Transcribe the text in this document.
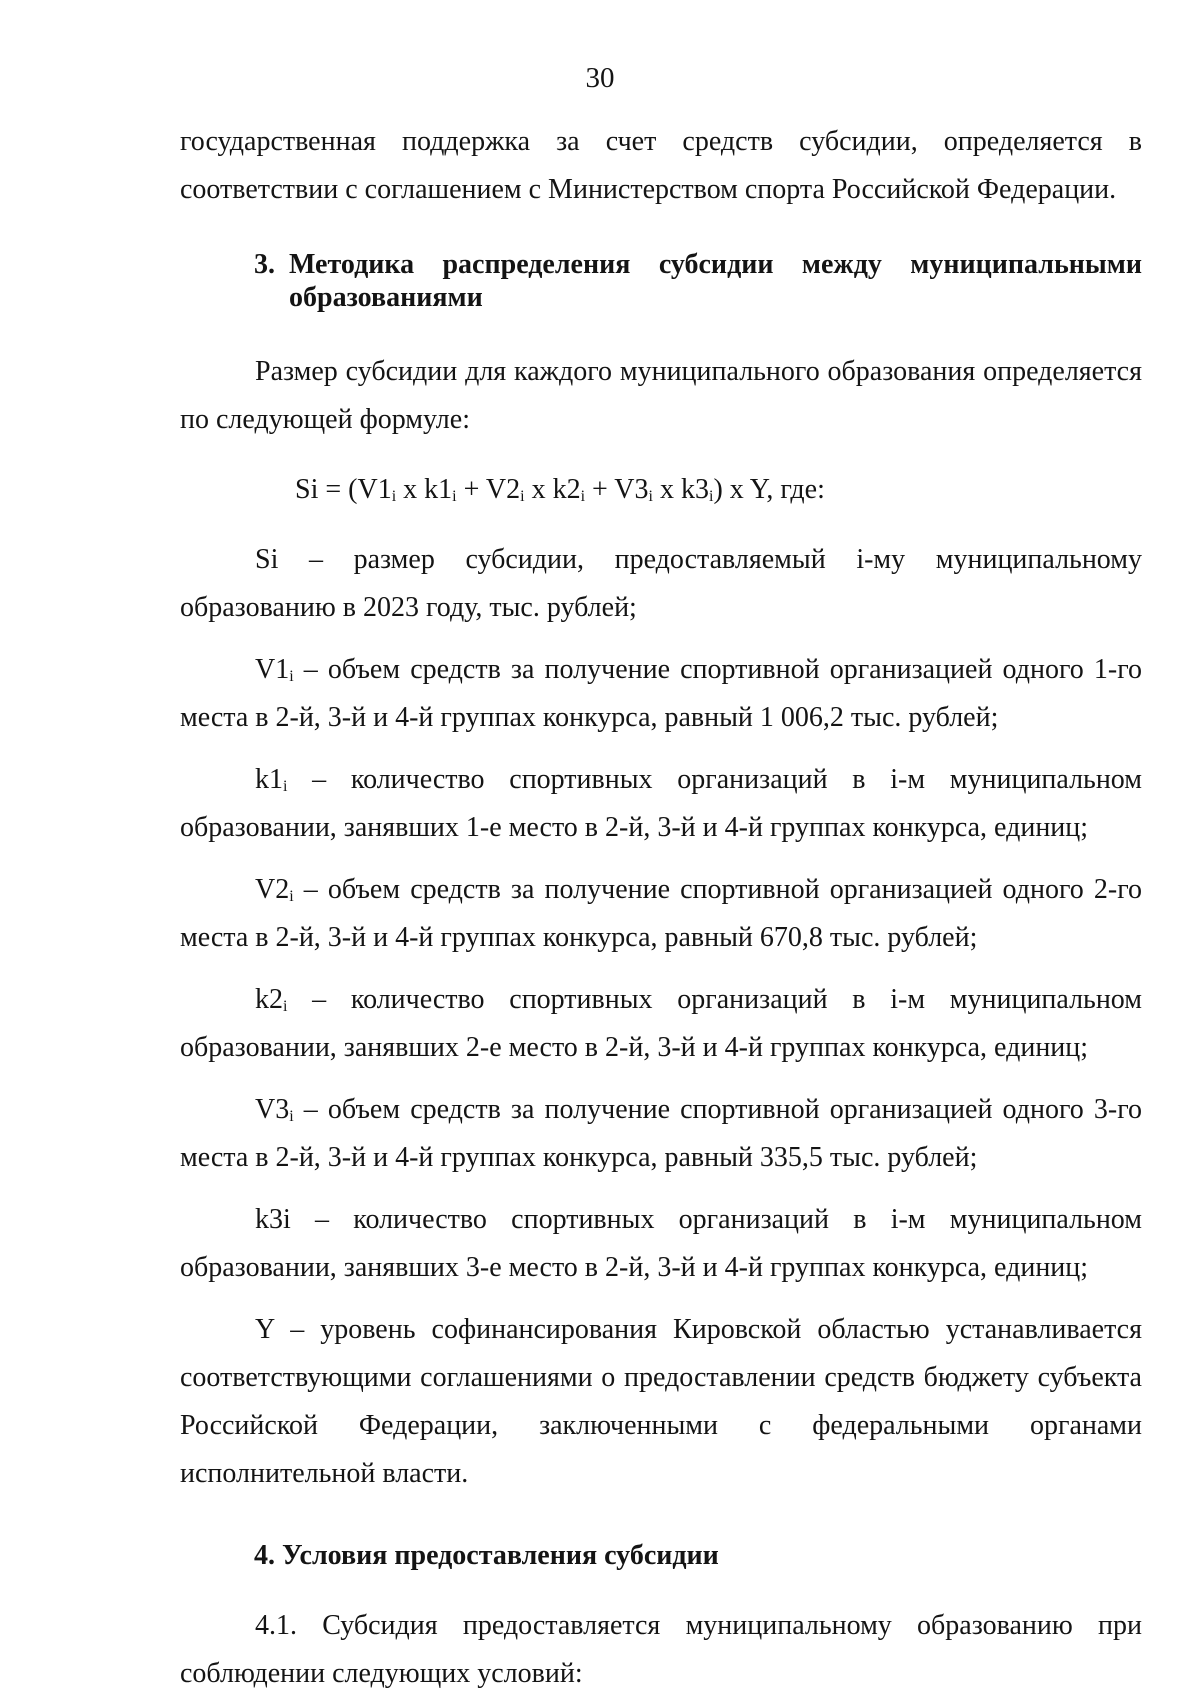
30

государственная поддержка за счет средств субсидии, определяется в соответствии с соглашением с Министерством спорта Российской Федерации.

3. Методика распределения субсидии между муниципальными образованиями

Размер субсидии для каждого муниципального образования определяется по следующей формуле:

$Si = (V1_i$ x $k1_i + V2_i$ x $k2_i + V3_i$ x $k3_i$) x Y, где:

Si – размер субсидии, предоставляемый i-му муниципальному образованию в 2023 году, тыс. рублей;

$V1_i$ – объем средств за получение спортивной организацией одного 1-го места в 2-й, 3-й и 4-й группах конкурса, равный 1 006,2 тыс. рублей;

$k1_i$ – количество спортивных организаций в i-м муниципальном образовании, занявших 1-е место в 2-й, 3-й и 4-й группах конкурса, единиц;

$V2_i$ – объем средств за получение спортивной организацией одного 2-го места в 2-й, 3-й и 4-й группах конкурса, равный 670,8 тыс. рублей;

$k2_i$ – количество спортивных организаций в i-м муниципальном образовании, занявших 2-е место в 2-й, 3-й и 4-й группах конкурса, единиц;

$V3_i$ – объем средств за получение спортивной организацией одного 3-го места в 2-й, 3-й и 4-й группах конкурса, равный 335,5 тыс. рублей;

k3i – количество спортивных организаций в i-м муниципальном образовании, занявших 3-е место в 2-й, 3-й и 4-й группах конкурса, единиц;

Y – уровень софинансирования Кировской областью устанавливается соответствующими соглашениями о предоставлении средств бюджету субъекта Российской Федерации, заключенными с федеральными органами исполнительной власти.

4. Условия предоставления субсидии

4.1. Субсидия предоставляется муниципальному образованию при соблюдении следующих условий:
